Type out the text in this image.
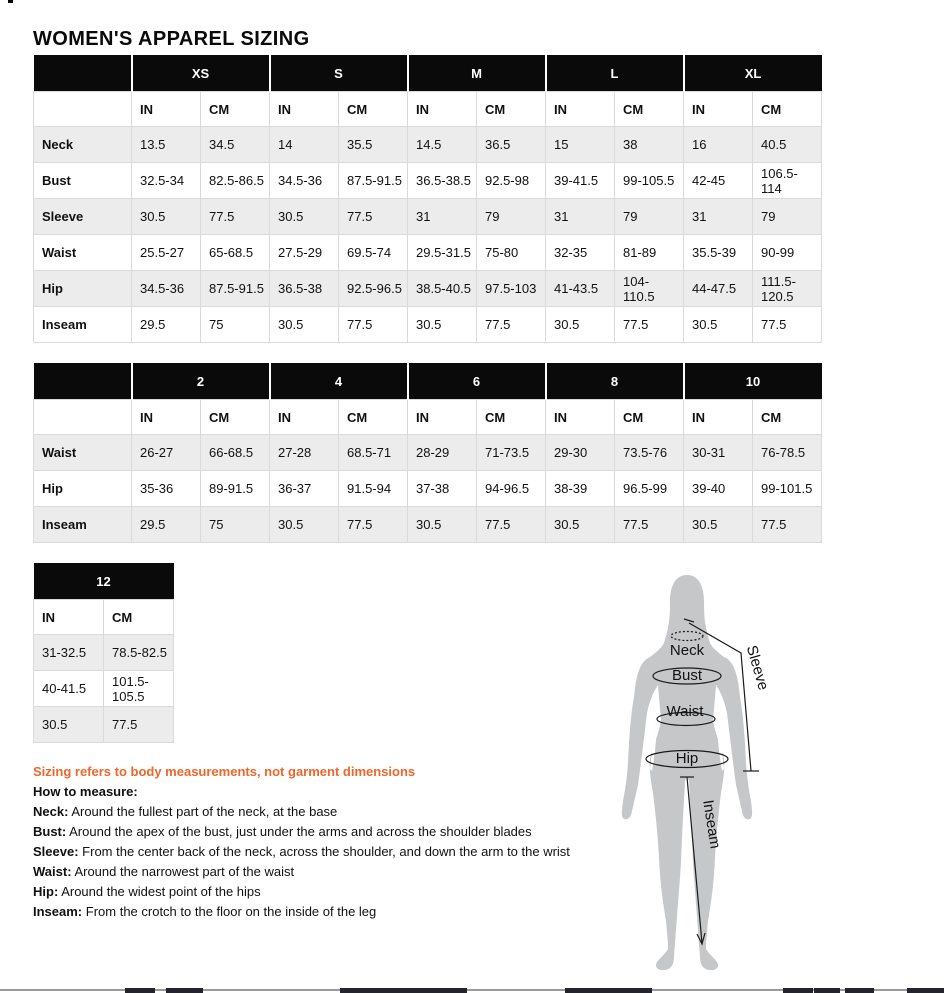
WOMEN'S APPAREL SIZING
	XS		S		M		L		XL	
	IN	CM	IN	CM	IN	CM	IN	CM	IN	CM
Neck	13.5	34.5	14	35.5	14.5	36.5	15	38	16	40.5
Bust	32.5-34	82.5-86.5	34.5-36	87.5-91.5	36.5-38.5	92.5-98	39-41.5	99-105.5	42-45	106.5-114
Sleeve	30.5	77.5	30.5	77.5	31	79	31	79	31	79
Waist	25.5-27	65-68.5	27.5-29	69.5-74	29.5-31.5	75-80	32-35	81-89	35.5-39	90-99
Hip	34.5-36	87.5-91.5	36.5-38	92.5-96.5	38.5-40.5	97.5-103	41-43.5	104-110.5	44-47.5	111.5-120.5
Inseam	29.5	75	30.5	77.5	30.5	77.5	30.5	77.5	30.5	77.5
	2		4		6		8		10	
	IN	CM	IN	CM	IN	CM	IN	CM	IN	CM
Waist	26-27	66-68.5	27-28	68.5-71	28-29	71-73.5	29-30	73.5-76	30-31	76-78.5
Hip	35-36	89-91.5	36-37	91.5-94	37-38	94-96.5	38-39	96.5-99	39-40	99-101.5
Inseam	29.5	75	30.5	77.5	30.5	77.5	30.5	77.5	30.5	77.5
12	
IN	CM
31-32.5	78.5-82.5
40-41.5	101.5-105.5
30.5	77.5

Sizing refers to body measurements, not garment dimensions

How to measure:

Neck: Around the fullest part of the neck, at the base

Bust: Around the apex of the bust, just under the arms and across the shoulder blades

Sleeve: From the center back of the neck, across the shoulder, and down the arm to the wrist

Waist: Around the narrowest part of the waist

Hip: Around the widest point of the hips

Inseam: From the crotch to the floor on the inside of the leg

Neck
Bust
Waist
Hip
Sleeve
Inseam
